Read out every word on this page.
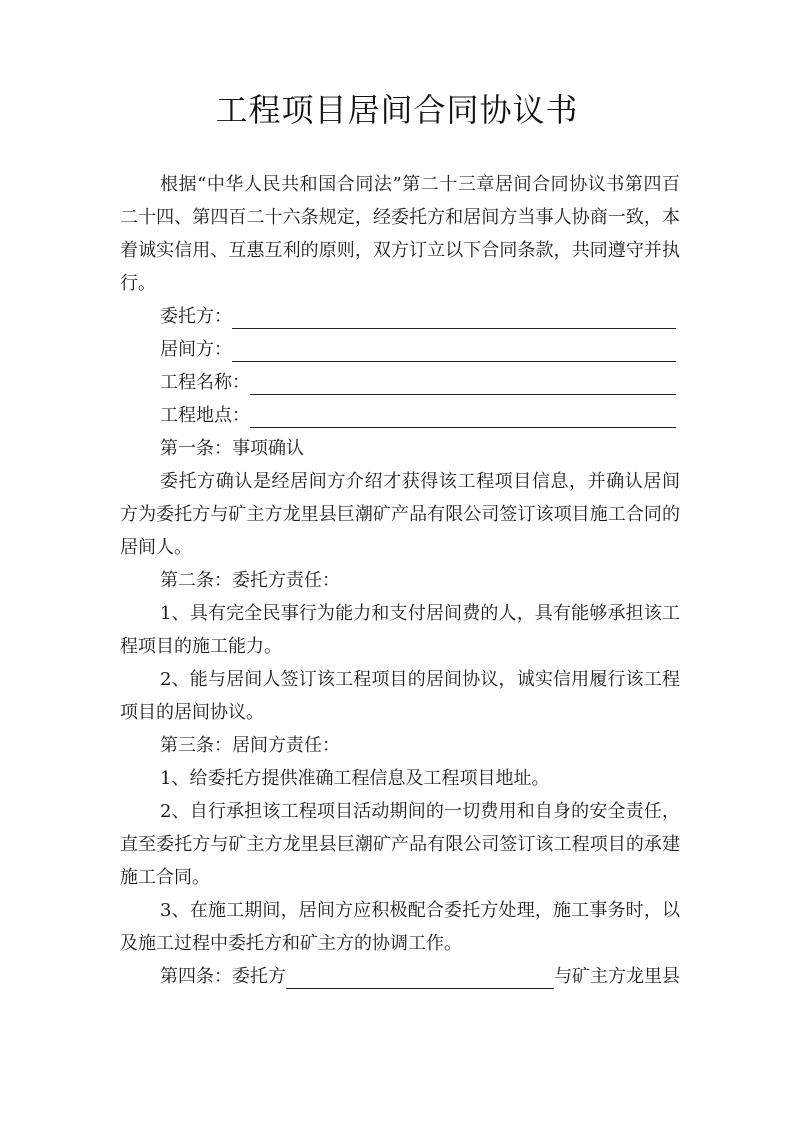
工程项目居间合同协议书
根据“中华人民共和国合同法”第二十三章居间合同协议书第四百二十四、第四百二十六条规定，经委托方和居间方当事人协商一致，本着诚实信用、互惠互利的原则，双方订立以下合同条款，共同遵守并执行。
委托方：
居间方：
工程名称：
工程地点：
第一条：事项确认
委托方确认是经居间方介绍才获得该工程项目信息，并确认居间方为委托方与矿主方龙里县巨潮矿产品有限公司签订该项目施工合同的居间人。
第二条：委托方责任：
1、具有完全民事行为能力和支付居间费的人，具有能够承担该工程项目的施工能力。
2、能与居间人签订该工程项目的居间协议，诚实信用履行该工程项目的居间协议。
第三条：居间方责任：
1、给委托方提供准确工程信息及工程项目地址。
2、自行承担该工程项目活动期间的一切费用和自身的安全责任，直至委托方与矿主方龙里县巨潮矿产品有限公司签订该工程项目的承建施工合同。
3、在施工期间，居间方应积极配合委托方处理，施工事务时，以及施工过程中委托方和矿主方的协调工作。
第四条：委托方	与矿主方龙里县
